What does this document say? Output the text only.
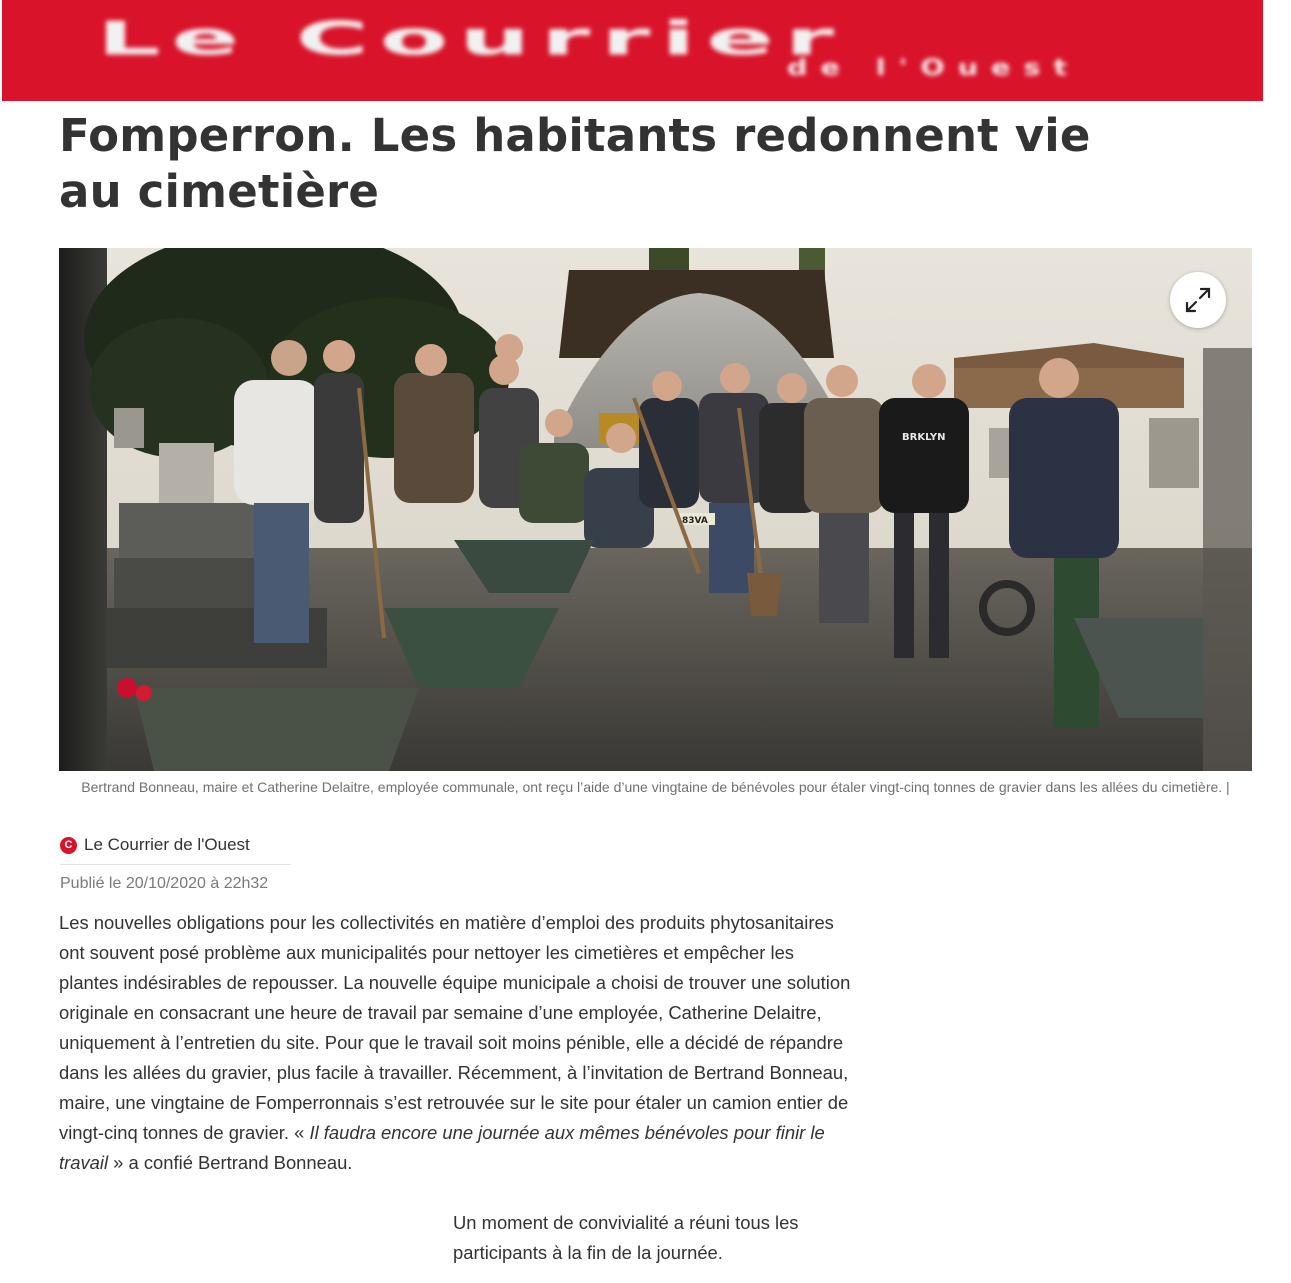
Le Courrier
de l'Ouest
Fomperron. Les habitants redonnent vie au cimetière
BRKLYN
83VA
Bertrand Bonneau, maire et Catherine Delaitre, employée communale, ont reçu l’aide d’une vingtaine de bénévoles pour étaler vingt-cinq tonnes de gravier dans les allées du cimetière. |
C Le Courrier de l'Ouest
Publié le 20/10/2020 à 22h32

Les nouvelles obligations pour les collectivités en matière d’emploi des produits phytosanitaires ont souvent posé problème aux municipalités pour nettoyer les cimetières et empêcher les plantes indésirables de repousser. La nouvelle équipe municipale a choisi de trouver une solution originale en consacrant une heure de travail par semaine d’une employée, Catherine Delaitre, uniquement à l’entretien du site. Pour que le travail soit moins pénible, elle a décidé de répandre dans les allées du gravier, plus facile à travailler. Récemment, à l’invitation de Bertrand Bonneau, maire, une vingtaine de Fomperronnais s’est retrouvée sur le site pour étaler un camion entier de vingt-cinq tonnes de gravier. « Il faudra encore une journée aux mêmes bénévoles pour finir le travail » a confié Bertrand Bonneau.

Un moment de convivialité a réuni tous les participants à la fin de la journée.
